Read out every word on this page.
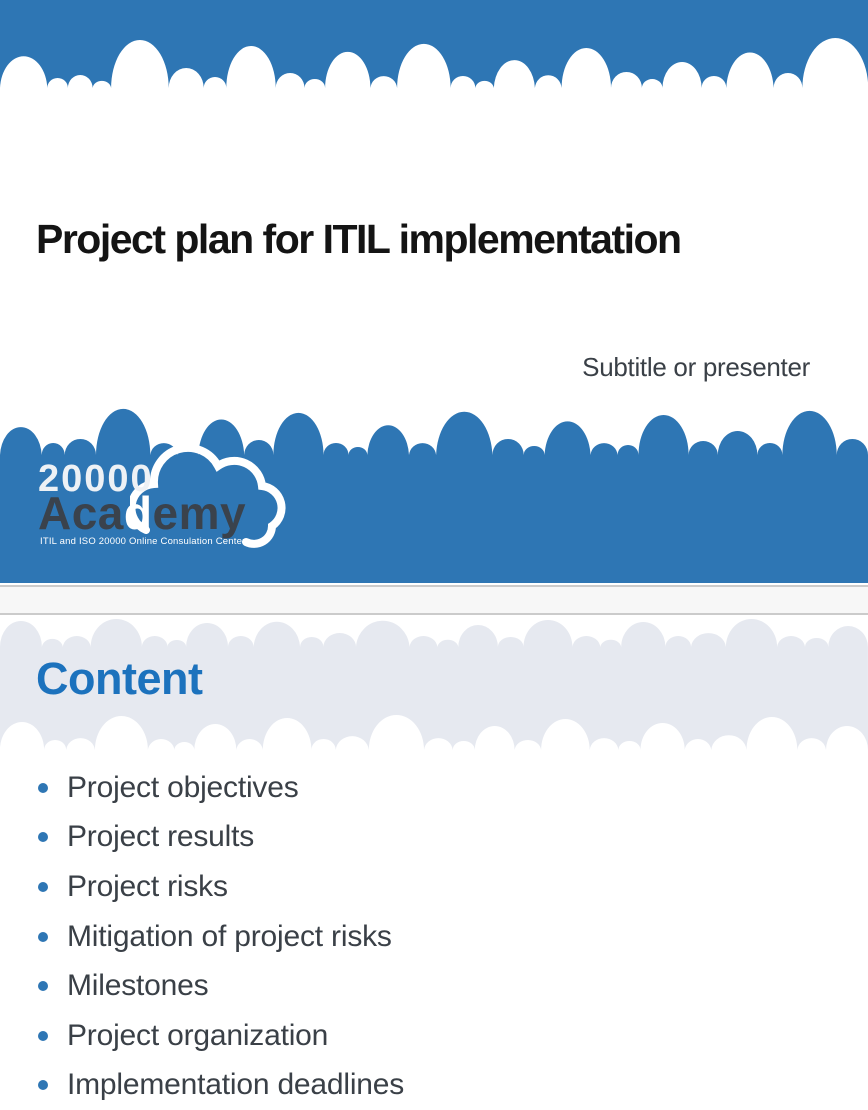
Project plan for ITIL implementation
Subtitle or presenter
20000
Academy
ITIL and ISO 20000 Online Consulation Center
Content
Project objectives
Project results
Project risks
Mitigation of project risks
Milestones
Project organization
Implementation deadlines
